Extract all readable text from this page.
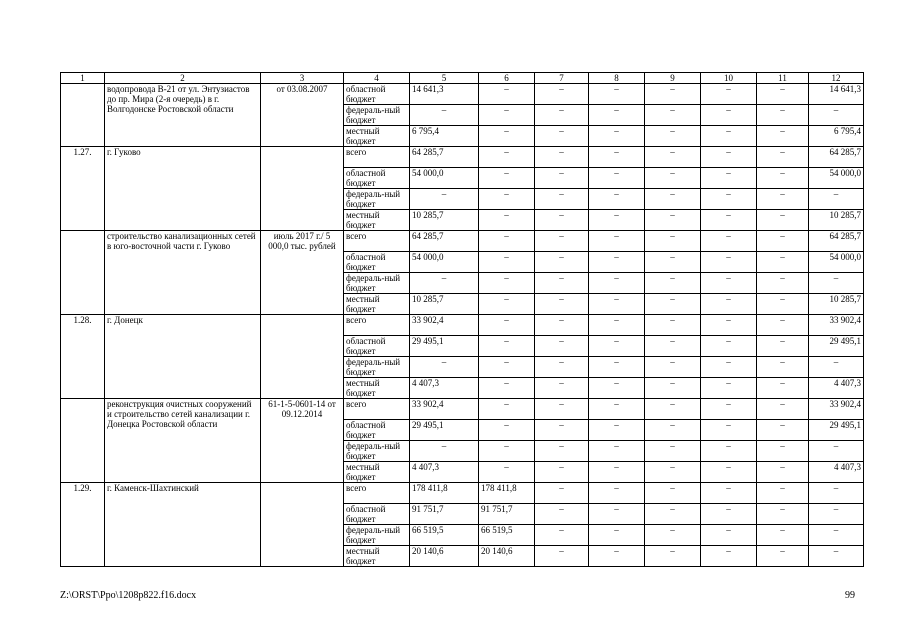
1	2	3	4	5	6	7	8	9	10	11	12
	водопровода В-21 от ул. Энтузиастов до пр. Мира (2-я очередь) в г. Волгодонске Ростовской области	от 03.08.2007	областной бюджет	14 641,3	–	–	–	–	–	–	14 641,3
			федераль-ный бюджет	–	–	–	–	–	–	–	–
			местный бюджет	6 795,4	–	–	–	–	–	–	6 795,4
1.27.	г. Гуково		всего	64 285,7	–	–	–	–	–	–	64 285,7
			областной бюджет	54 000,0	–	–	–	–	–	–	54 000,0
			федераль-ный бюджет	–	–	–	–	–	–	–	–
			местный бюджет	10 285,7	–	–	–	–	–	–	10 285,7
	строительство канализационных сетей в юго-восточной части г. Гуково	июль 2017 г./ 5 000,0 тыс. рублей	всего	64 285,7	–	–	–	–	–	–	64 285,7
			областной бюджет	54 000,0	–	–	–	–	–	–	54 000,0
			федераль-ный бюджет	–	–	–	–	–	–	–	–
			местный бюджет	10 285,7	–	–	–	–	–	–	10 285,7
1.28.	г. Донецк		всего	33 902,4	–	–	–	–	–	–	33 902,4
			областной бюджет	29 495,1	–	–	–	–	–	–	29 495,1
			федераль-ный бюджет	–	–	–	–	–	–	–	–
			местный бюджет	4 407,3	–	–	–	–	–	–	4 407,3
	реконструкция очистных сооружений и строительство сетей канализации г. Донецка Ростовской области	61-1-5-0601-14 от 09.12.2014	всего	33 902,4	–	–	–	–	–	–	33 902,4
			областной бюджет	29 495,1	–	–	–	–	–	–	29 495,1
			федераль-ный бюджет	–	–	–	–	–	–	–	–
			местный бюджет	4 407,3	–	–	–	–	–	–	4 407,3
1.29.	г. Каменск-Шахтинский		всего	178 411,8	178 411,8	–	–	–	–	–	–
			областной бюджет	91 751,7	91 751,7	–	–	–	–	–	–
			федераль-ный бюджет	66 519,5	66 519,5	–	–	–	–	–	–
			местный бюджет	20 140,6	20 140,6	–	–	–	–	–	–
Z:\ORST\Ppo\1208p822.f16.docx	99
